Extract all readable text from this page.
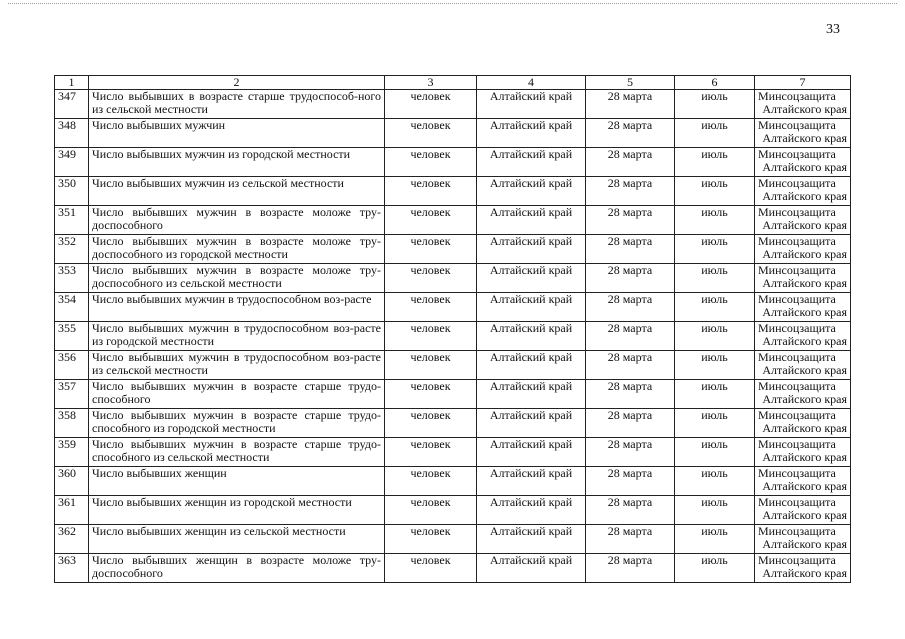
33
1	2	3	4	5	6	7
347	Число выбывших в возрасте старше трудоспособ-ного из сельской местности	человек	Алтайский край	28 марта	июль	Минсоцзащита
Алтайского края

348	Число выбывших мужчин	человек	Алтайский край	28 марта	июль	Минсоцзащита
Алтайского края

349	Число выбывших мужчин из городской местности	человек	Алтайский край	28 марта	июль	Минсоцзащита
Алтайского края

350	Число выбывших мужчин из сельской местности	человек	Алтайский край	28 марта	июль	Минсоцзащита
Алтайского края

351	Число выбывших мужчин в возрасте моложе тру-доспособного	человек	Алтайский край	28 марта	июль	Минсоцзащита
Алтайского края

352	Число выбывших мужчин в возрасте моложе тру-доспособного из городской местности	человек	Алтайский край	28 марта	июль	Минсоцзащита
Алтайского края

353	Число выбывших мужчин в возрасте моложе тру-доспособного из сельской местности	человек	Алтайский край	28 марта	июль	Минсоцзащита
Алтайского края

354	Число выбывших мужчин в трудоспособном воз-расте	человек	Алтайский край	28 марта	июль	Минсоцзащита
Алтайского края

355	Число выбывших мужчин в трудоспособном воз-расте из городской местности	человек	Алтайский край	28 марта	июль	Минсоцзащита
Алтайского края

356	Число выбывших мужчин в трудоспособном воз-расте из сельской местности	человек	Алтайский край	28 марта	июль	Минсоцзащита
Алтайского края

357	Число выбывших мужчин в возрасте старше трудо-способного	человек	Алтайский край	28 марта	июль	Минсоцзащита
Алтайского края

358	Число выбывших мужчин в возрасте старше трудо-способного из городской местности	человек	Алтайский край	28 марта	июль	Минсоцзащита
Алтайского края

359	Число выбывших мужчин в возрасте старше трудо-способного из сельской местности	человек	Алтайский край	28 марта	июль	Минсоцзащита
Алтайского края

360	Число выбывших женщин	человек	Алтайский край	28 марта	июль	Минсоцзащита
Алтайского края

361	Число выбывших женщин из городской местности	человек	Алтайский край	28 марта	июль	Минсоцзащита
Алтайского края

362	Число выбывших женщин из сельской местности	человек	Алтайский край	28 марта	июль	Минсоцзащита
Алтайского края

363	Число выбывших женщин в возрасте моложе тру-доспособного	человек	Алтайский край	28 марта	июль	Минсоцзащита
Алтайского края
